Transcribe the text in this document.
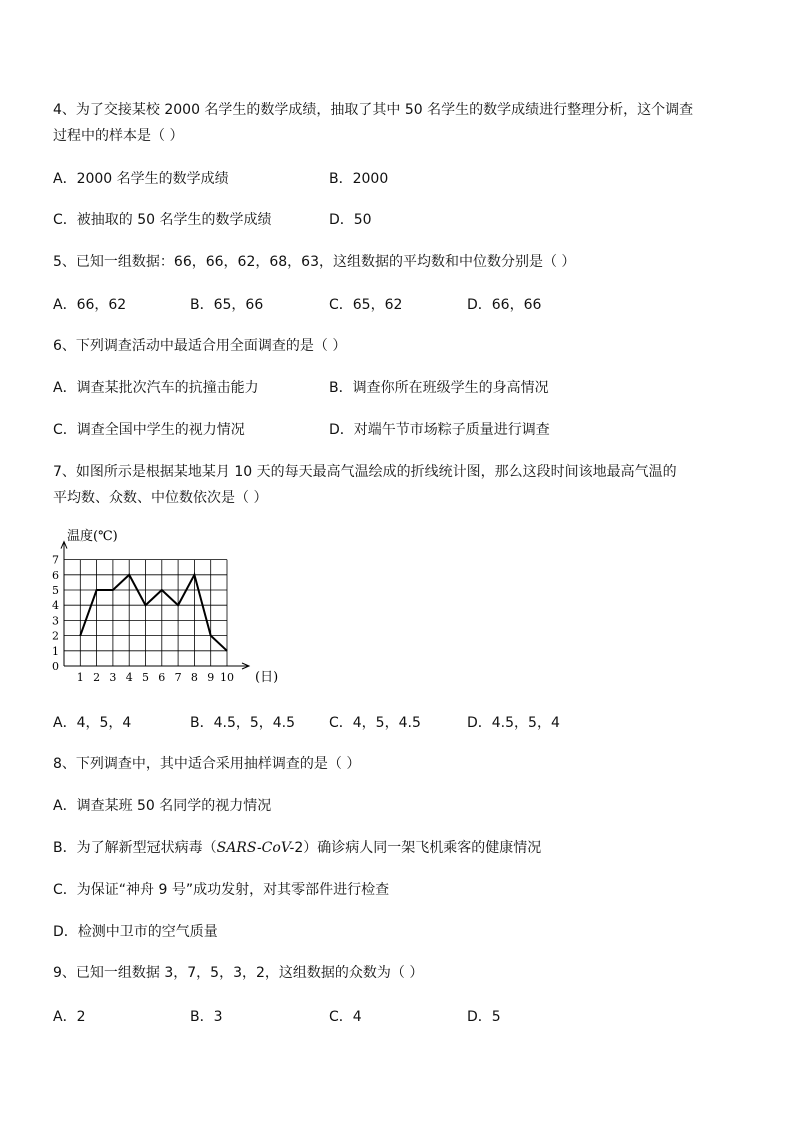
4、为了交接某校 2000 名学生的数学成绩，抽取了其中 50 名学生的数学成绩进行整理分析，这个调查
过程中的样本是（ ）
A．2000 名学生的数学成绩	B．2000
C．被抽取的 50 名学生的数学成绩	D．50
5、已知一组数据：66，66，62，68，63，这组数据的平均数和中位数分别是（ ）
A．66，62	B．65，66	C．65，62	D．66，66
6、下列调查活动中最适合用全面调查的是（ ）
A．调查某批次汽车的抗撞击能力	B．调查你所在班级学生的身高情况
C．调查全国中学生的视力情况	D．对端午节市场粽子质量进行调查
7、如图所示是根据某地某月 10 天的每天最高气温绘成的折线统计图，那么这段时间该地最高气温的
平均数、众数、中位数依次是（ ）
0
1
2
3
4
5
6
7
1 2 3 4 5 6 7 8 9 10
温度(℃)
(日)
A．4，5，4	B．4.5，5，4.5 C．4，5，4.5	D．4.5，5，4
8、下列调查中，其中适合采用抽样调查的是（ ）
A．调查某班 50 名同学的视力情况
B．为了解新型冠状病毒（SARS-CoV-2）确诊病人同一架飞机乘客的健康情况
C．为保证“神舟 9 号”成功发射，对其零部件进行检查
D．检测中卫市的空气质量
9、已知一组数据 3，7，5，3，2，这组数据的众数为（ ）
A．2	B．3	C．4	D．5
